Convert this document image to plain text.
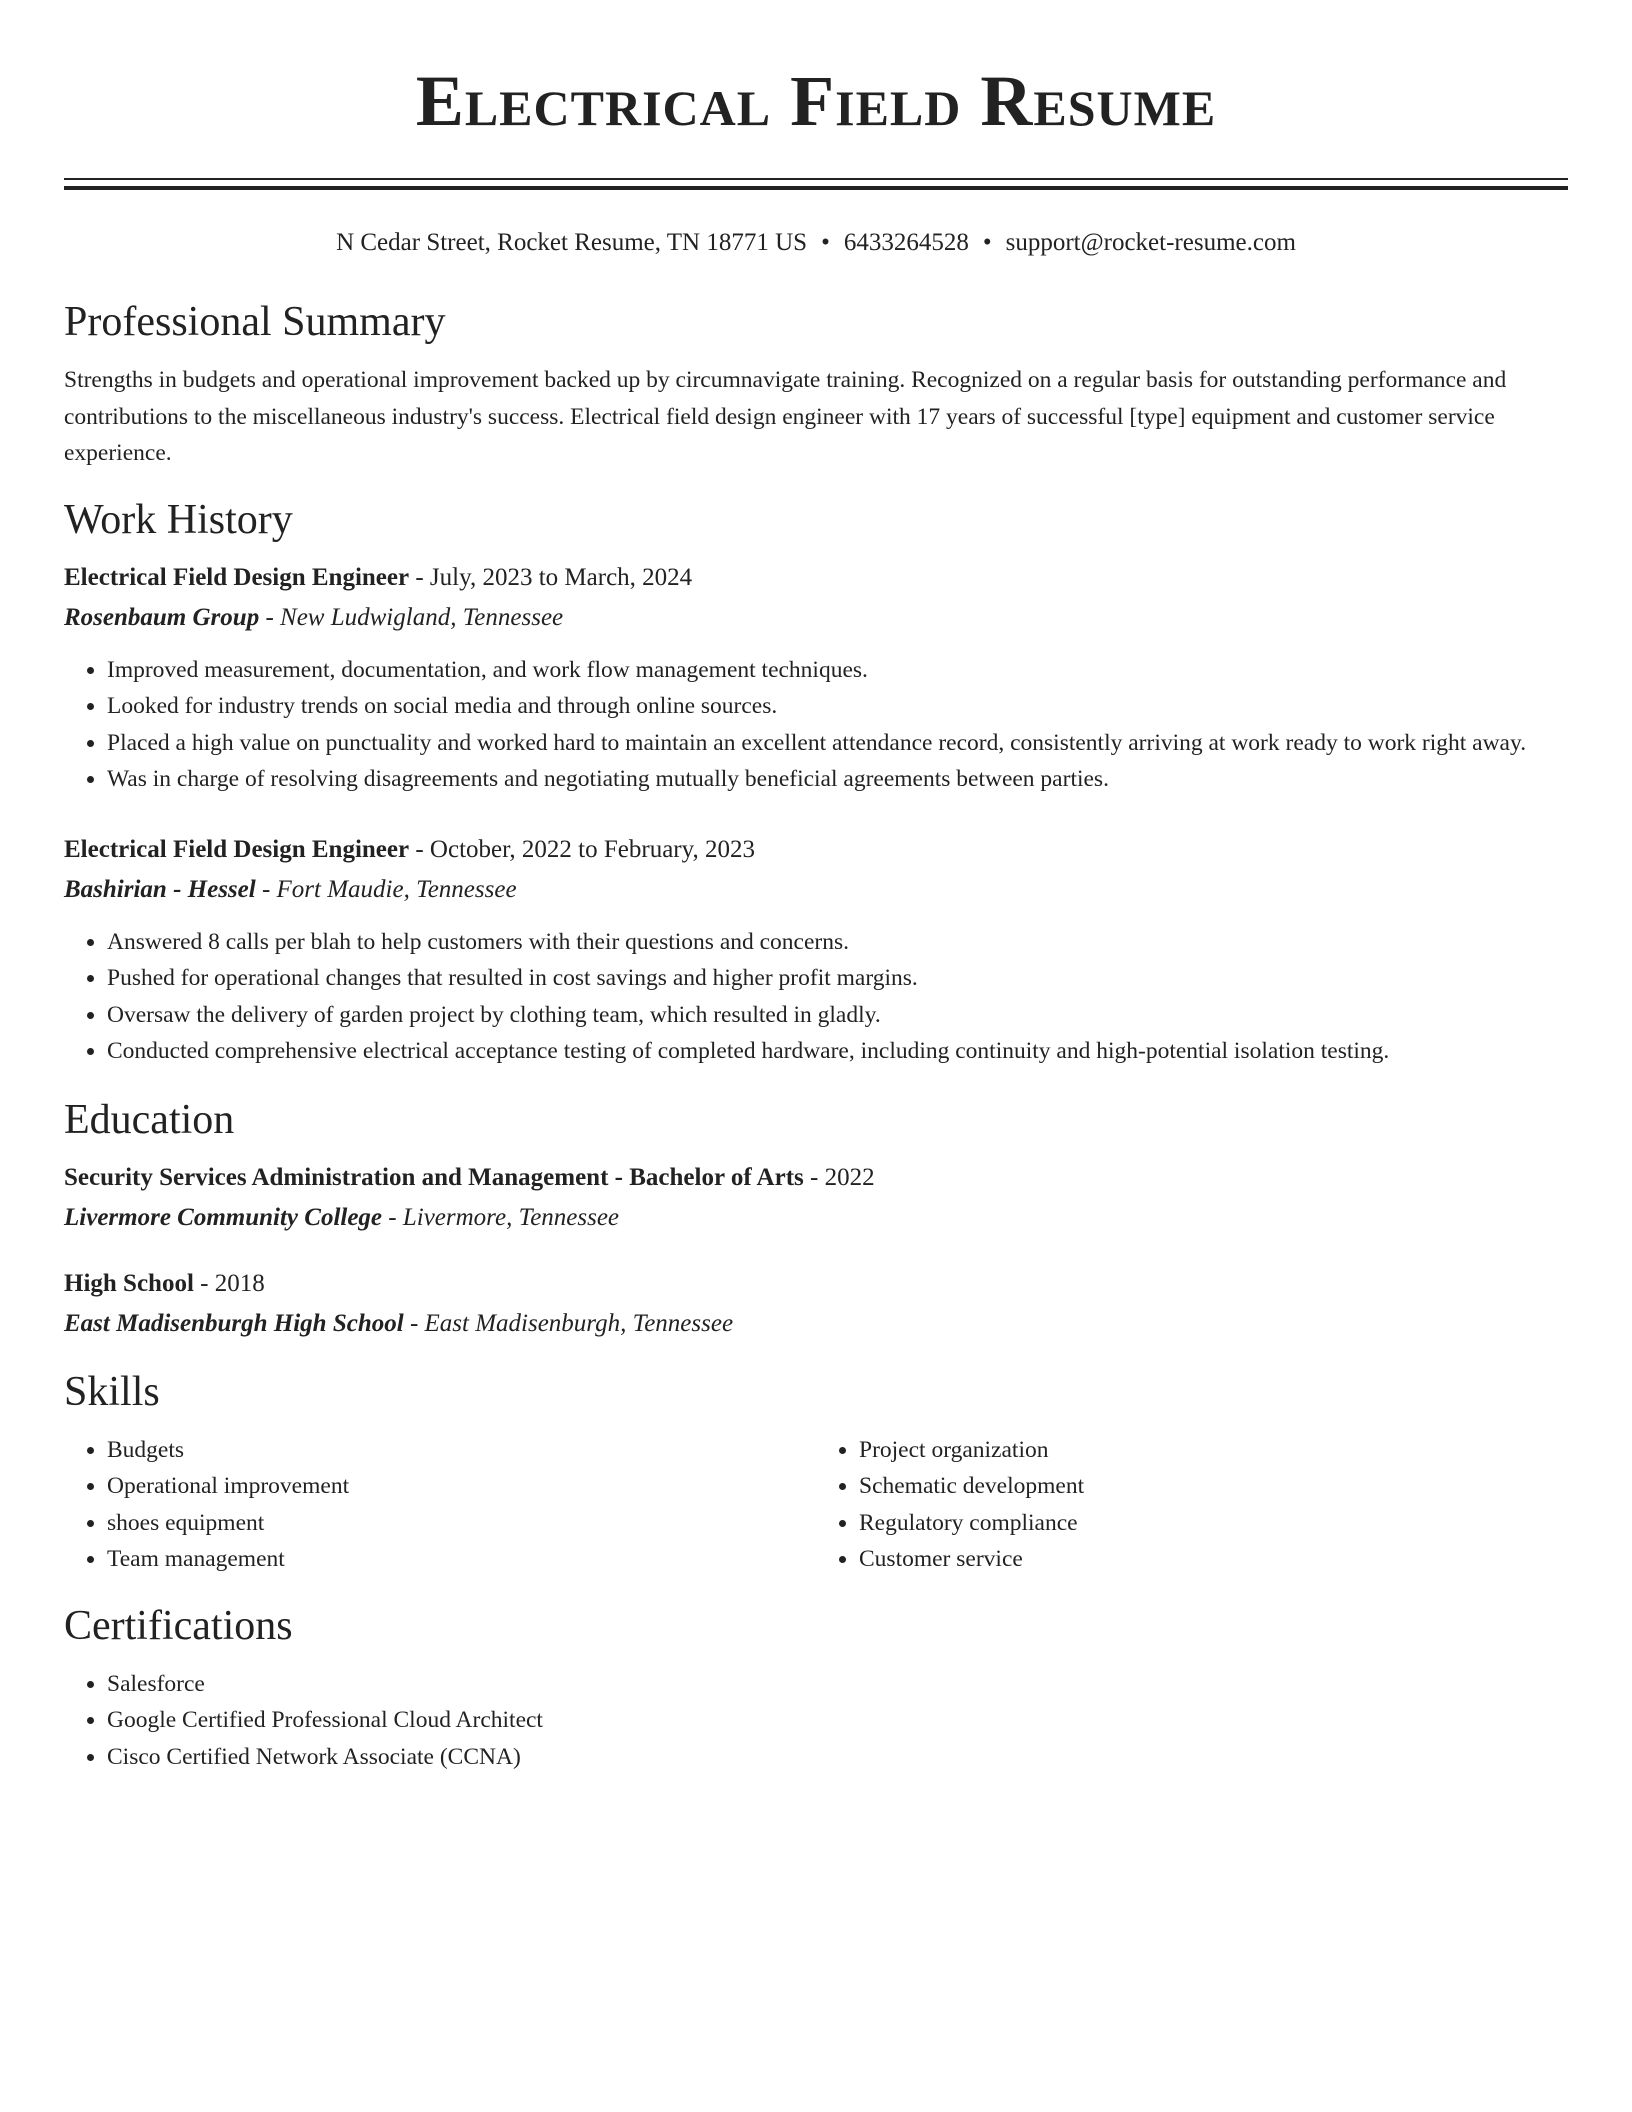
Electrical Field Resume
N Cedar Street, Rocket Resume, TN 18771 US • 6433264528 • support@rocket-resume.com
Professional Summary

Strengths in budgets and operational improvement backed up by circumnavigate training. Recognized on a regular basis for outstanding performance and contributions to the miscellaneous industry's success. Electrical field design engineer with 17 years of successful [type] equipment and customer service experience.

Work History

Electrical Field Design Engineer - July, 2023 to March, 2024

Rosenbaum Group - New Ludwigland, Tennessee

• Improved measurement, documentation, and work flow management techniques.
• Looked for industry trends on social media and through online sources.
• Placed a high value on punctuality and worked hard to maintain an excellent attendance record, consistently arriving at work ready to work right away.
• Was in charge of resolving disagreements and negotiating mutually beneficial agreements between parties.

Electrical Field Design Engineer - October, 2022 to February, 2023

Bashirian - Hessel - Fort Maudie, Tennessee

• Answered 8 calls per blah to help customers with their questions and concerns.
• Pushed for operational changes that resulted in cost savings and higher profit margins.
• Oversaw the delivery of garden project by clothing team, which resulted in gladly.
• Conducted comprehensive electrical acceptance testing of completed hardware, including continuity and high-potential isolation testing.
Education

Security Services Administration and Management - Bachelor of Arts - 2022

Livermore Community College - Livermore, Tennessee

High School - 2018

East Madisenburgh High School - East Madisenburgh, Tennessee

Skills
• Budgets
• Operational improvement
• shoes equipment
• Team management
• Project organization
• Schematic development
• Regulatory compliance
• Customer service
Certifications
• Salesforce
• Google Certified Professional Cloud Architect
• Cisco Certified Network Associate (CCNA)
